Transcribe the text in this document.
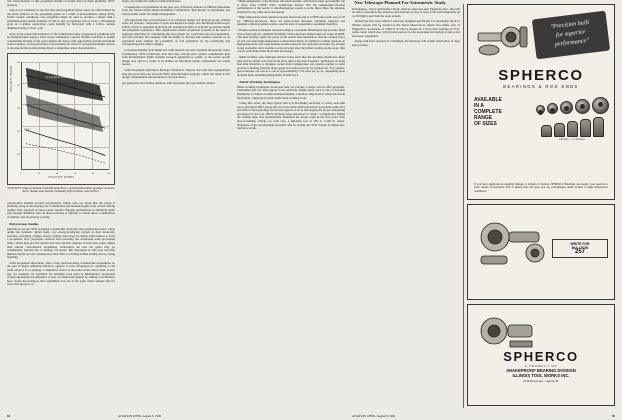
tion characteristics of this propellant should overcome more of these problems, NWL believes.

Also to be considered is the fact that solid propellant motor sizes are often limited by the strain induced on the propellant grains as a result of pressurization during firing. Under certain conditions, one propellant might be used to produce a motor with a maximum grain outside diameter of 102-in. and a propellant web of 14-in.; a Flexathene grain in a similar application could feasibly be fabricated with a 118-in. outside diameter having a 36-in. web.

Tests of the actual characteristics of the formulation under exaggerated conditions will be attempted here using a 10-in. motor containing a special flexible wall liner to permit considerable flexing of the grain against the motor wall aggravating provide maximum strain loadings. Grain perforations will probably be varied to develop maximum stresses to develop further points during firing to determine actual characteristics.

VISCOSITY, POISES
VELOCITY, POISES
10⁶
10⁵
10⁴
10³
10²
0	20	40	60	80	100
FLEXAMINE BINDER
PBAA
VISCOSITY ranges of Kerthane from 420 paints PIA-5, and Fluoralene binder polymers are shown above. Shaded areas indicate workmanly light and lasers code as PIA-5.

conservative attitude towards performance claims does not mean that the group is abashing along at developing new formulations and breakthroughs in the current 240-hp regime. New research on more exotic specific impulse performance is definitely under way, though definitive data on these activities is difficult to obtain due to combination of military and proprietary security.

Polystyrene Studies

Indications are that SPO is putting considerable study into the polystyrene zones, which unlike the synthetic rubber fuels, cost energy-producing oxygen in their molecular structure, providing a higher energy loading when they are mixed with oxidizer to form a propellant. New propellant research here presently has developed some processing items, which may provide motors that have specific impulse of least five points higher than current conventional propellants. Indications are that the gases may go considerably beyond this to perhaps 18 points. But discussion in this area becomes limited rapidly and the expansions in that SPO is avoiding further testing before saying anything.

Solid Propellant Operations, after a long spell involving considerable expenditure on the part of North American Aviation, appears to have developed its capability to the point where it is to running a competitive factor in the solid rocket motor field. A near age, for example, its capability for handling work such as Minuteman's propulsion system apparently was impaired, at best, an impression gained by talking to technicians here. Today the feeling is that capabilities now are at the point where serious bids for such class projects, or

larger, are within the realm of achievement here.

Considerable reorganization in the past year, following dropout of Phillips Petroleum from the former North American-Phillips combination, thus known as Astrothene, has been possible under the single management.

One important step was formation of an advanced design and analysis group, totaling some 60 persons, composed of both Rocketdyne-Conaga and Rocketdyne-McGregor (SPO), which is separated from both the operational sides of both the propulsion liquid and propellant operations. This organization studies propulsion systems on the basis of applying objectivity in considering the best system for a particular known requirement, and also provides the company with the ability to develop and promote systems on an organized basis without the possibility of real prejudices by the underlying and downgrading each other's designs.

Concerted benefits from liquid and solid research are also available through the closer coordination. SPO technicians note that they already have gained considerable help from Rocketdyne's liquid systems research applicable to solids, as the rocket nozzle design area and as a result of its studies on interfacial plastic components for rocket motors.

Solid Propellant Operations Manager Thomas E. Meyers also said that organizations here has paved the way towards SPO's diversification program, which has taken it into design, development and production of rocket motor

gas generators and turbine spinners, with expansion into gas-turbine starters.

• High-temperature, long-duration uncooled nozzles, which have been successfully run at more than 5,500F, NWL technicians believe that the temperature-abrasion performance of the nozzle is disadvantageous nozzle is some three times the abrasion obtained by any other uncooled nozzle.

• High temperature short-duration nozzles have been run at 5,500F plus in the area of 55 sec. Military-sponsored, these are glass-coated silicones, tantalum, tungsten and tungsten carbide graphite nozzles, used in tests of propellants containing metallics.

• Plasma coating techniques used here employ a Giannini Plasmadyne gas powder, fitted with a hand gun for optimum flexibility which develops temperatures of some 25,000F. The heat literally opens the pores of the nozzle base material so that the coating flows on and can resist high-temperature rocket motor blasts. In addition to aiding research on high-temperature and long-duration nozzle research, the operation provides big savings in test programs, since nozzles can be recycled after the initial coating erodes away, thus can be used many times more than previously.

R&D facilities shop manager Robert Jones feels that the machine should has more than paid its initial cost even in the short time it has been installed. Techniques of using heat-sink materials to dissipate rocket motor temperature and plasma-coating to resist erosion is making possible major gains in nozzle research, he pointed out. The plasma-gun technique can cost at a cost of approximately 5.10 cents per sq. in., depending upon material used, including lining made of mild steel.

Metal-Working Techniques

Metal-working techniques developed here are playing a major role in SPO programs. Sometimes they are what appear to be relatively simple ideas, such as use of Swedish Rickzkobe 12 tables on multi-diameter/angular, a method, important in advanced nozzle fabrication, which gives better teeth metal-working body.

Using this cutter, the shop reports that it is machining such-ring or cavity such-mill steel, gets about 200% usage life out of its cutters than previously and spends some 20% less time in final grinding. Its success appears to be in developing the proper sharpening procedure for the tool. SPO's hardware shop developed a "cutter" configuration behind the cutting edge, that automatically maintains the proper edge in the tool years. This drop-it-nothing .010-in. on each step, a full-inch tool at 700 to 1,200 lb. thrust. Extension of the development program calls for testing the SPO version in higher pre-formance series.

New Telescope-Planned For Astrometric Study

Washington—Navy will install a 60-in. reflector telescope near Flagstaff, Ariz., that will be able to determine the distances and motions of stars at least at the 16th magnitude up to 100 light years from the solar system.

Termed the first large reflector telescope designed specifically for astrometry, the $1.5 million system will be located at the Naval Observatory station five miles west of Flagstaff at an altitude of 7,600 ft. It will be housed in a 70-ft-clear building in 35-ft. dome center which also will provide quarters for the personnel and testing of optics and electronic equipment.

Along with basic research in astrometry, the telescope will permit observation of deep space probes.

"Precision built
for superior
performance"
SPHERCO
BEARINGS & ROD ENDS
AVAILABLE
IN A
COMPLETE
RANGE
OF SIZES
1/8 bore — 1-1/4 bore
If you have applications requiring linkage or transfer of motion, SPHERCO Bearings can supply your needs in a wide variety of materials with a quality that will give you top performance under normal or high temperature conditions.
WRITE FOR
BULLETIN
257
SPHERCO
A PRODUCT OF
SHAKEPROOF BEARING DIVISION
ILLINOIS TOOL WORKS INC.
24 Robinson Ave. • Aurora, Ill.
84	AVIATION WEEK, August 8, 1960	AVIATION WEEK, August 8, 1960	85
